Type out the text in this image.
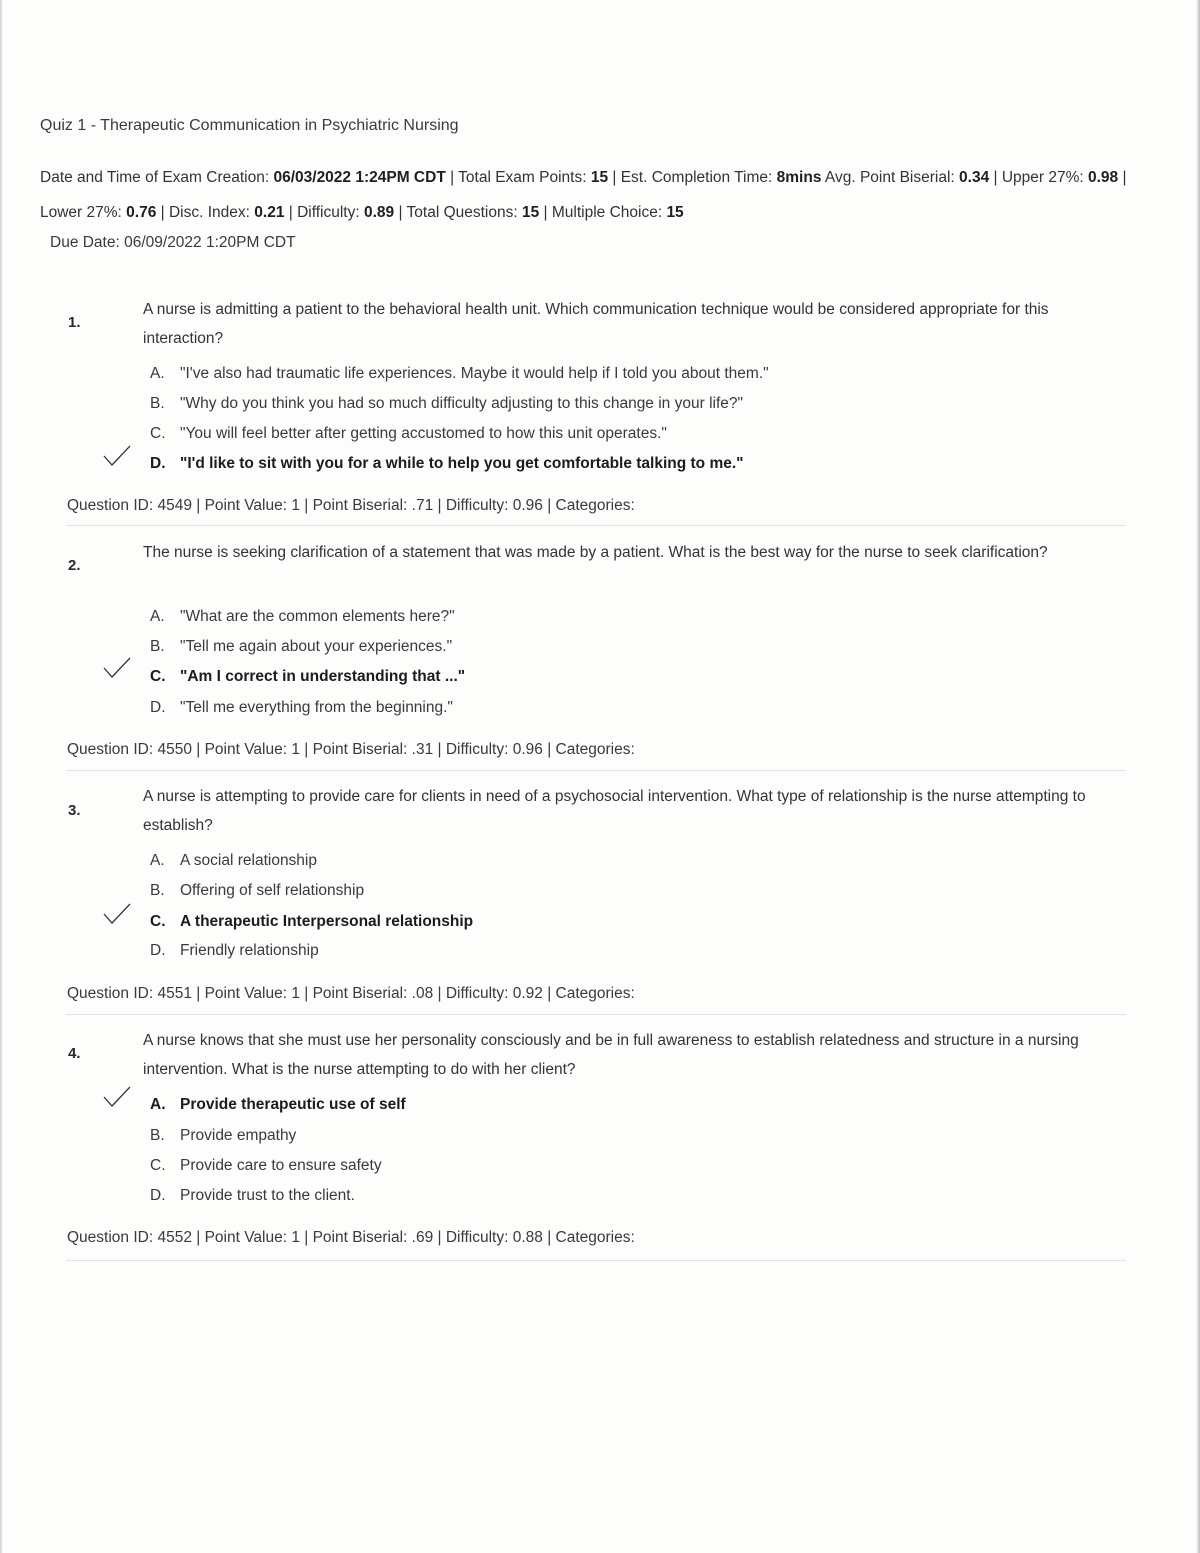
Quiz 1 - Therapeutic Communication in Psychiatric Nursing
Date and Time of Exam Creation: 06/03/2022 1:24PM CDT | Total Exam Points: 15 | Est. Completion Time: 8mins Avg. Point Biserial: 0.34 | Upper 27%: 0.98 | Lower 27%: 0.76 | Disc. Index: 0.21 | Difficulty: 0.89 | Total Questions: 15 | Multiple Choice: 15
Due Date: 06/09/2022 1:20PM CDT
1.
A nurse is admitting a patient to the behavioral health unit. Which communication technique would be considered appropriate for this interaction?
A. "I've also had traumatic life experiences. Maybe it would help if I told you about them."
B. "Why do you think you had so much difficulty adjusting to this change in your life?"
C. "You will feel better after getting accustomed to how this unit operates."
D. "I'd like to sit with you for a while to help you get comfortable talking to me."
Question ID: 4549 | Point Value: 1 | Point Biserial: .71 | Difficulty: 0.96 | Categories:
2.
The nurse is seeking clarification of a statement that was made by a patient. What is the best way for the nurse to seek clarification?
A. "What are the common elements here?"
B. "Tell me again about your experiences."
C. "Am I correct in understanding that ..."
D. "Tell me everything from the beginning."
Question ID: 4550 | Point Value: 1 | Point Biserial: .31 | Difficulty: 0.96 | Categories:
3.
A nurse is attempting to provide care for clients in need of a psychosocial intervention. What type of relationship is the nurse attempting to establish?
A. A social relationship
B. Offering of self relationship
C. A therapeutic Interpersonal relationship
D. Friendly relationship
Question ID: 4551 | Point Value: 1 | Point Biserial: .08 | Difficulty: 0.92 | Categories:
4.
A nurse knows that she must use her personality consciously and be in full awareness to establish relatedness and structure in a nursing intervention. What is the nurse attempting to do with her client?
A. Provide therapeutic use of self
B. Provide empathy
C. Provide care to ensure safety
D. Provide trust to the client.
Question ID: 4552 | Point Value: 1 | Point Biserial: .69 | Difficulty: 0.88 | Categories:
